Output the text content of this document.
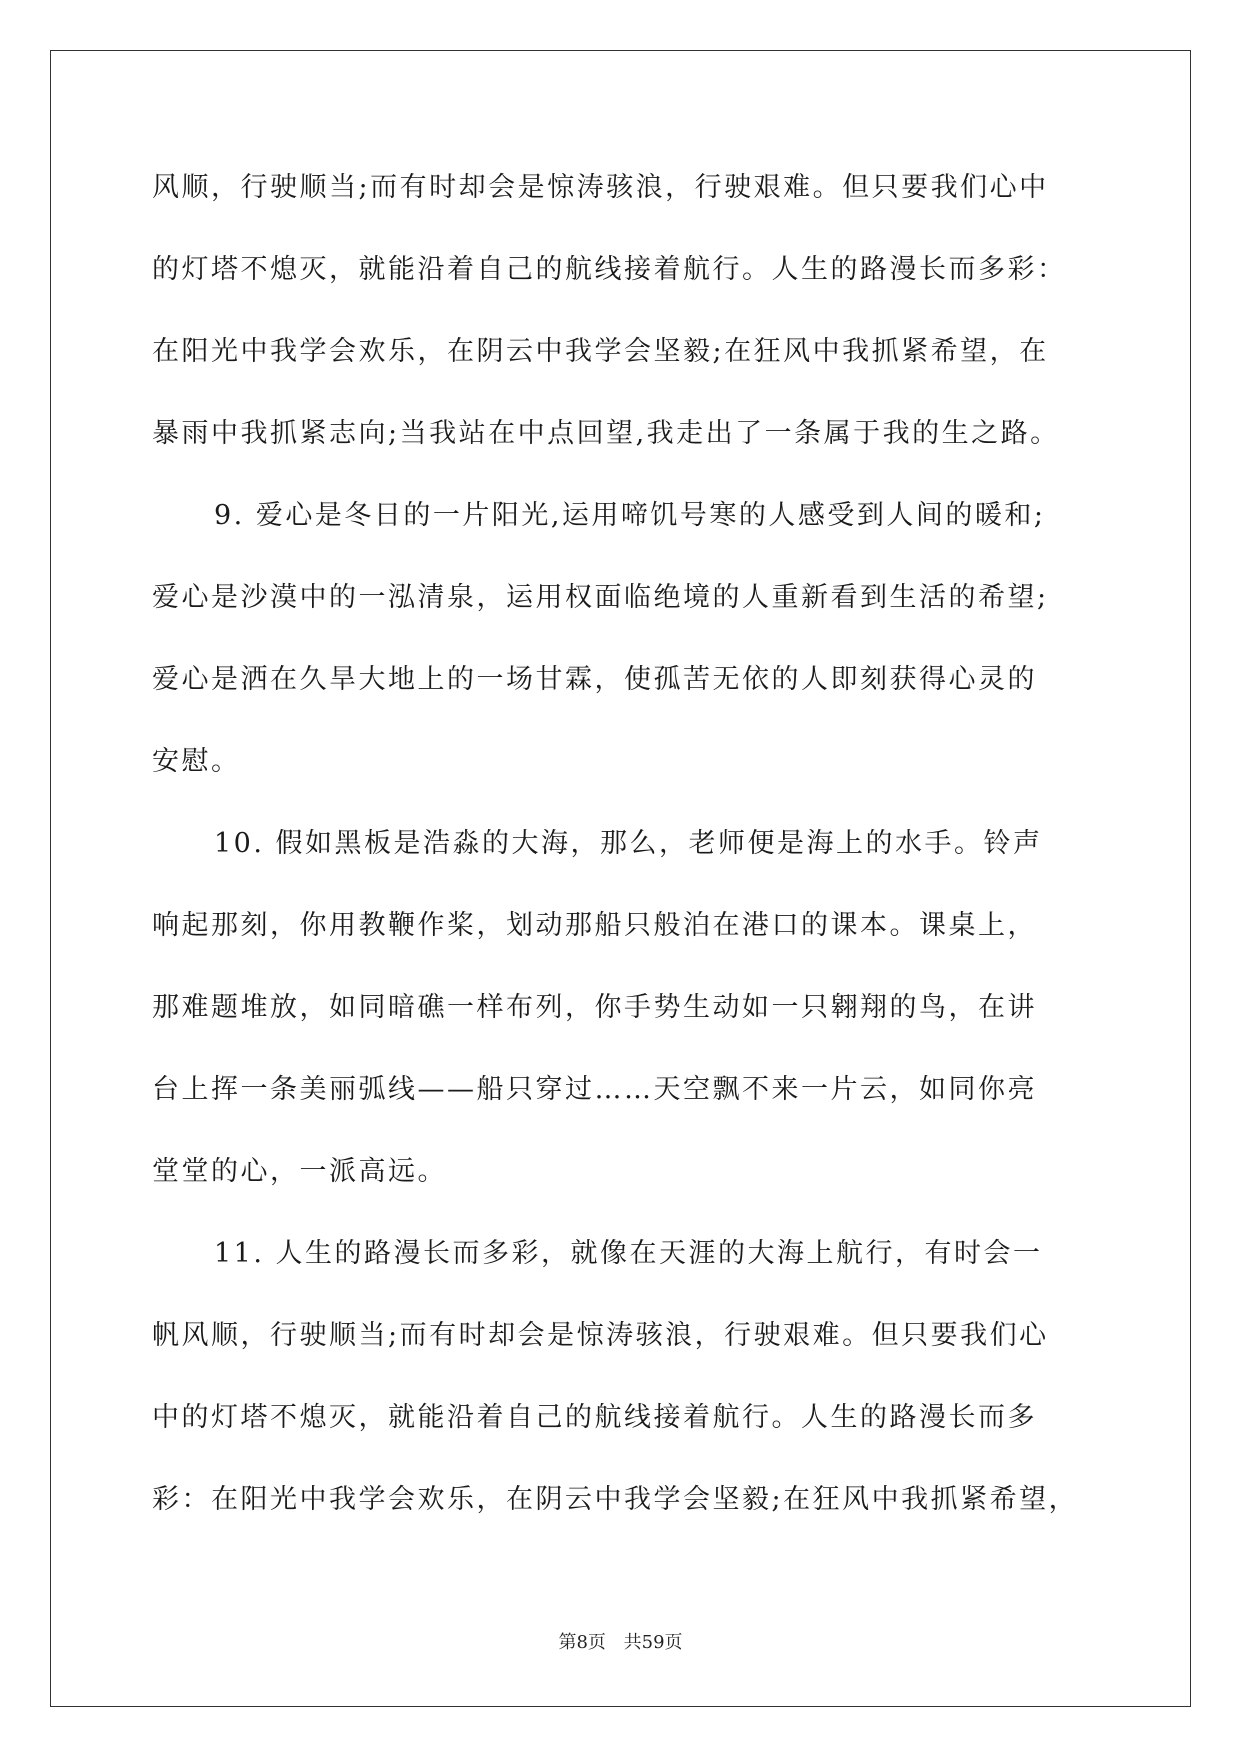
风顺，行驶顺当;而有时却会是惊涛骇浪，行驶艰难。但只要我们心中
的灯塔不熄灭，就能沿着自己的航线接着航行。人生的路漫长而多彩：
在阳光中我学会欢乐，在阴云中我学会坚毅;在狂风中我抓紧希望，在
暴雨中我抓紧志向;当我站在中点回望,我走出了一条属于我的生之路。
9. 爱心是冬日的一片阳光,运用啼饥号寒的人感受到人间的暖和;
爱心是沙漠中的一泓清泉，运用权面临绝境的人重新看到生活的希望;
爱心是洒在久旱大地上的一场甘霖，使孤苦无依的人即刻获得心灵的
安慰。
10. 假如黑板是浩淼的大海，那么，老师便是海上的水手。铃声
响起那刻，你用教鞭作桨，划动那船只般泊在港口的课本。课桌上，
那难题堆放，如同暗礁一样布列，你手势生动如一只翱翔的鸟，在讲
台上挥一条美丽弧线——船只穿过……天空飘不来一片云，如同你亮
堂堂的心，一派高远。
11. 人生的路漫长而多彩，就像在天涯的大海上航行，有时会一
帆风顺，行驶顺当;而有时却会是惊涛骇浪，行驶艰难。但只要我们心
中的灯塔不熄灭，就能沿着自己的航线接着航行。人生的路漫长而多
彩：在阳光中我学会欢乐，在阴云中我学会坚毅;在狂风中我抓紧希望，
第8页 共59页
